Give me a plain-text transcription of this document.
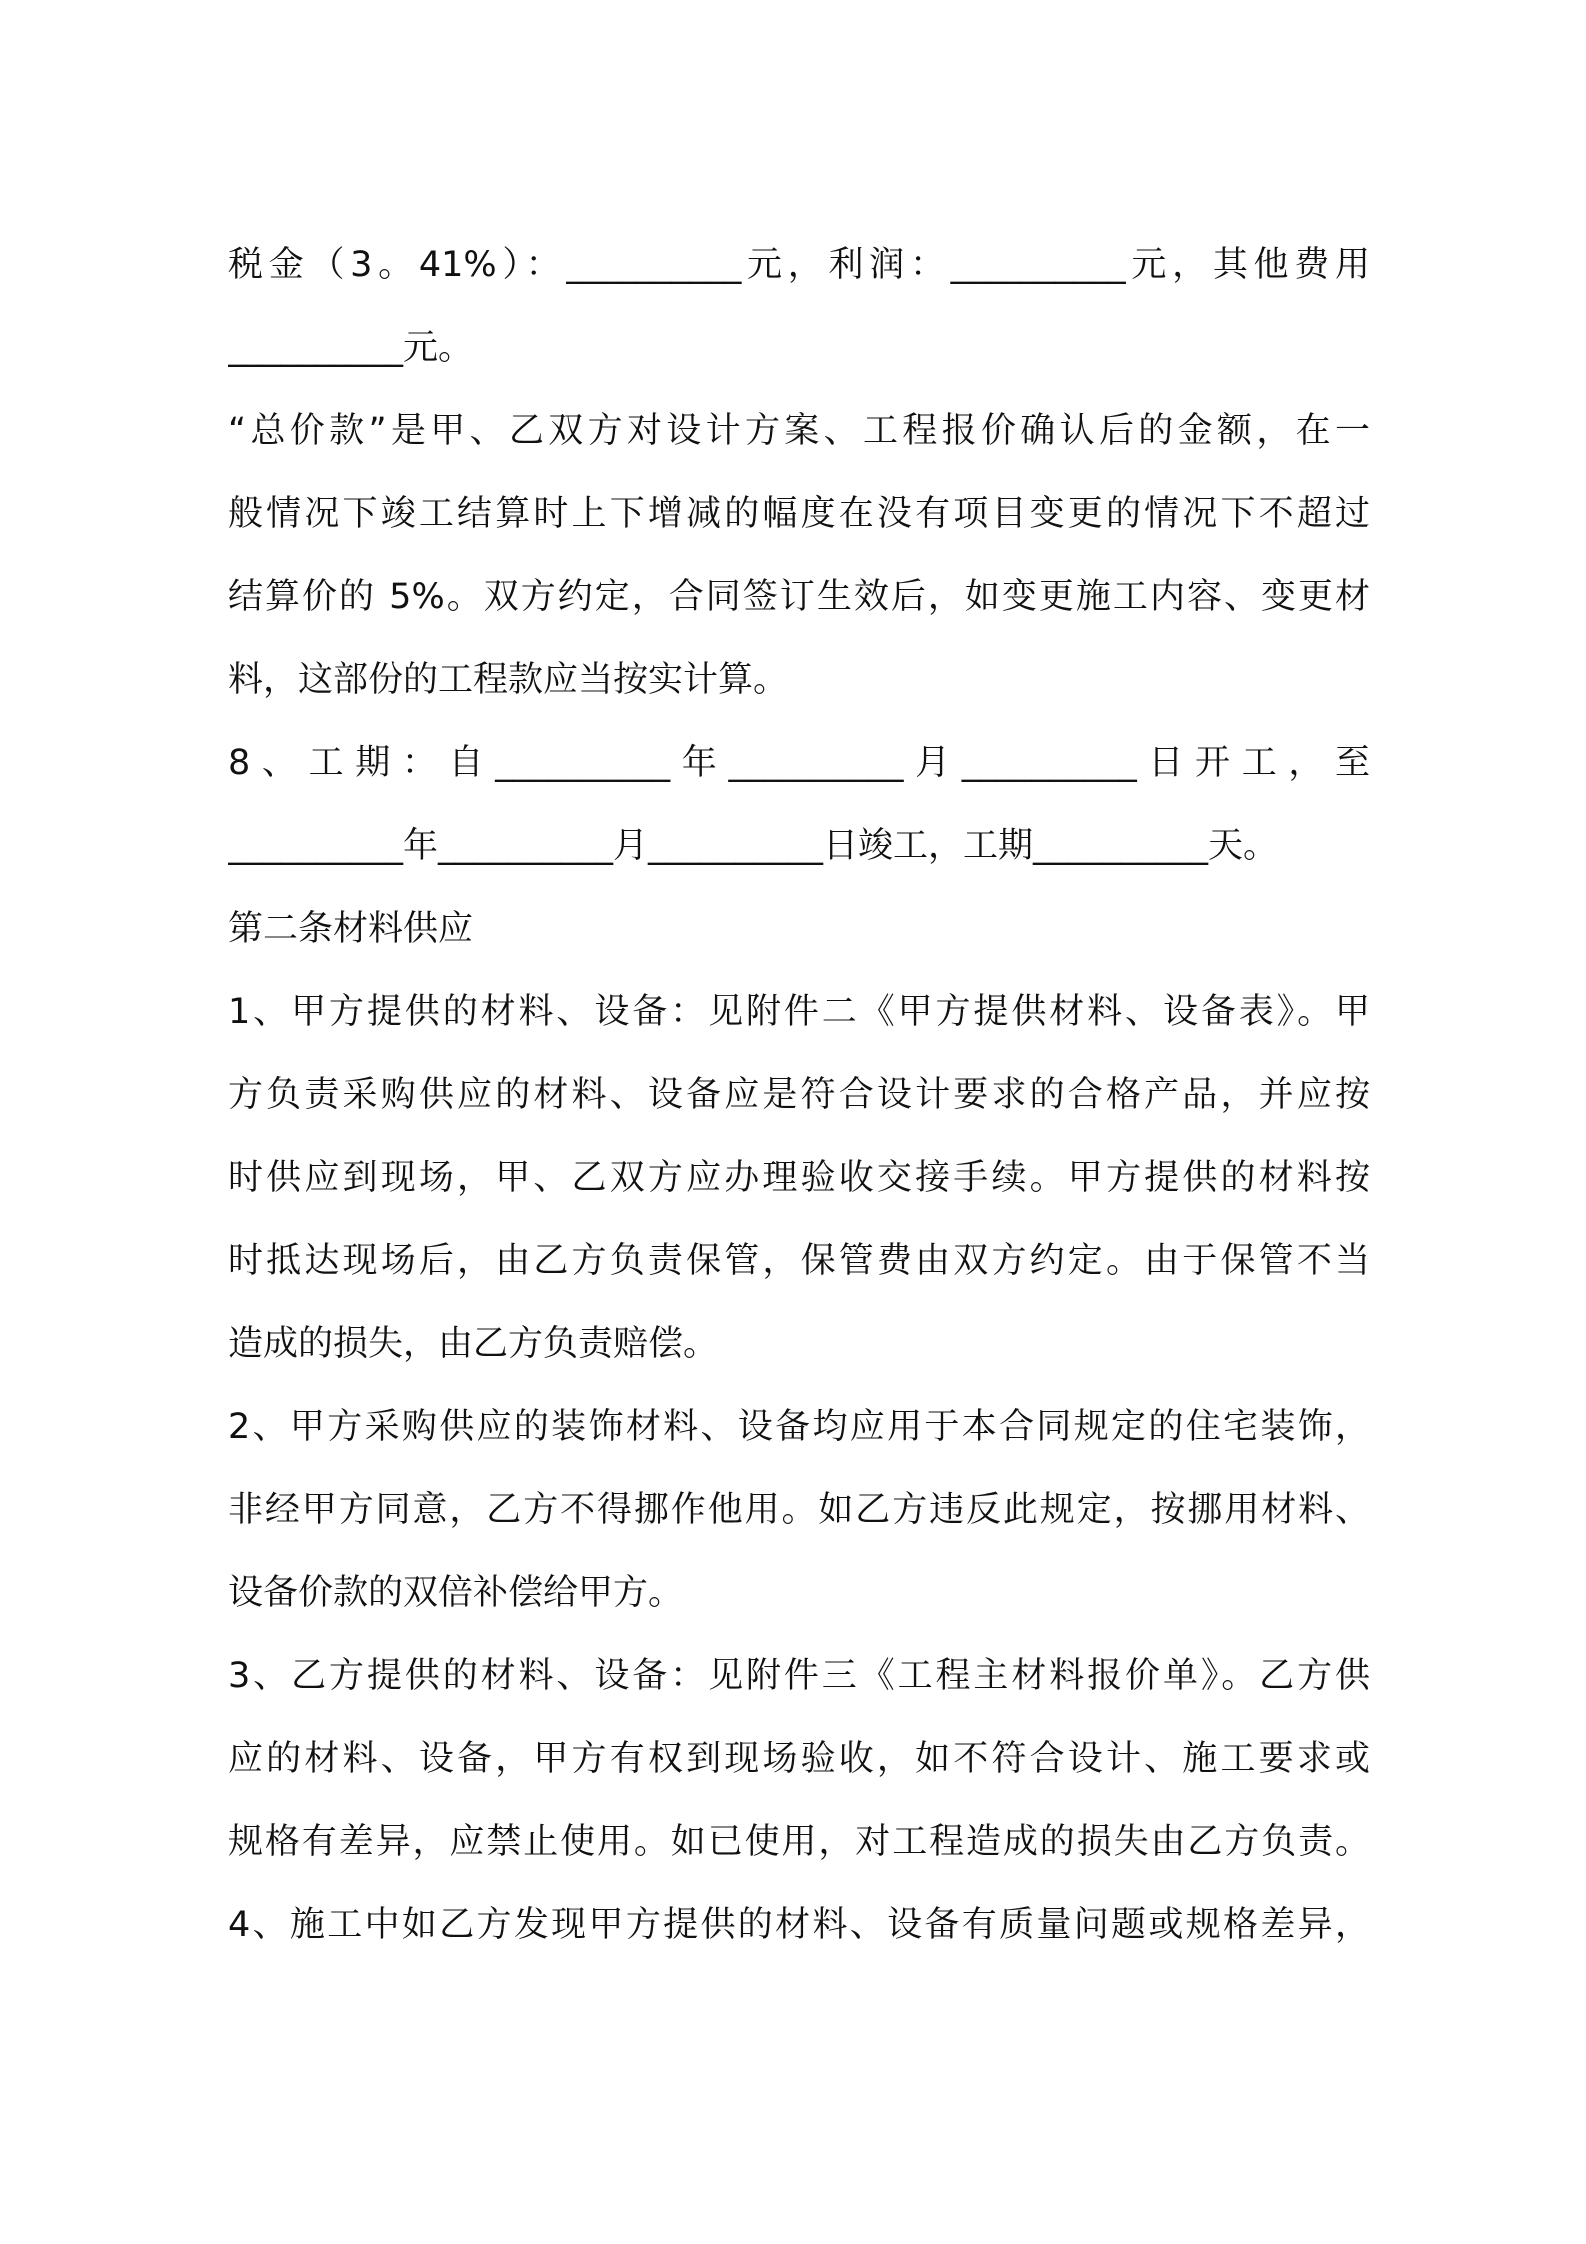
税金（3。41%）：__________元，利润：__________元，其他费用
__________元。
“总价款”是甲、乙双方对设计方案、工程报价确认后的金额，在一
般情况下竣工结算时上下增减的幅度在没有项目变更的情况下不超过
结算价的 5%。双方约定，合同签订生效后，如变更施工内容、变更材
料，这部份的工程款应当按实计算。
8、工期：自__________年__________月__________日开工，至
__________年__________月__________日竣工，工期__________天。
第二条材料供应
1、甲方提供的材料、设备：见附件二《甲方提供材料、设备表》。甲
方负责采购供应的材料、设备应是符合设计要求的合格产品，并应按
时供应到现场，甲、乙双方应办理验收交接手续。甲方提供的材料按
时抵达现场后，由乙方负责保管，保管费由双方约定。由于保管不当
造成的损失，由乙方负责赔偿。
2、甲方采购供应的装饰材料、设备均应用于本合同规定的住宅装饰，
非经甲方同意，乙方不得挪作他用。如乙方违反此规定，按挪用材料、
设备价款的双倍补偿给甲方。
3、乙方提供的材料、设备：见附件三《工程主材料报价单》。乙方供
应的材料、设备，甲方有权到现场验收，如不符合设计、施工要求或
规格有差异，应禁止使用。如已使用，对工程造成的损失由乙方负责。
4、施工中如乙方发现甲方提供的材料、设备有质量问题或规格差异，
